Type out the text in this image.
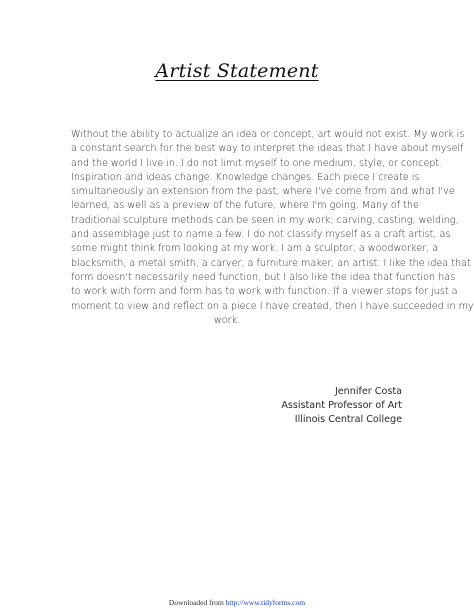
Artist Statement
Without the ability to actualize an idea or concept, art would not exist. My work is
a constant search for the best way to interpret the ideas that I have about myself
and the world I live in. I do not limit myself to one medium, style, or concept.
Inspiration and ideas change. Knowledge changes. Each piece I create is
simultaneously an extension from the past, where I've come from and what I've
learned, as well as a preview of the future, where I'm going. Many of the
traditional sculpture methods can be seen in my work; carving, casting, welding,
and assemblage just to name a few. I do not classify myself as a craft artist, as
some might think from looking at my work. I am a sculptor, a woodworker, a
blacksmith, a metal smith, a carver, a furniture maker, an artist. I like the idea that
form doesn't necessarily need function, but I also like the idea that function has
to work with form and form has to work with function. If a viewer stops for just a
moment to view and reflect on a piece I have created, then I have succeeded in my
work.
Jennifer Costa
Assistant Professor of Art
Illinois Central College
Downloaded from http://www.tidyforms.com
